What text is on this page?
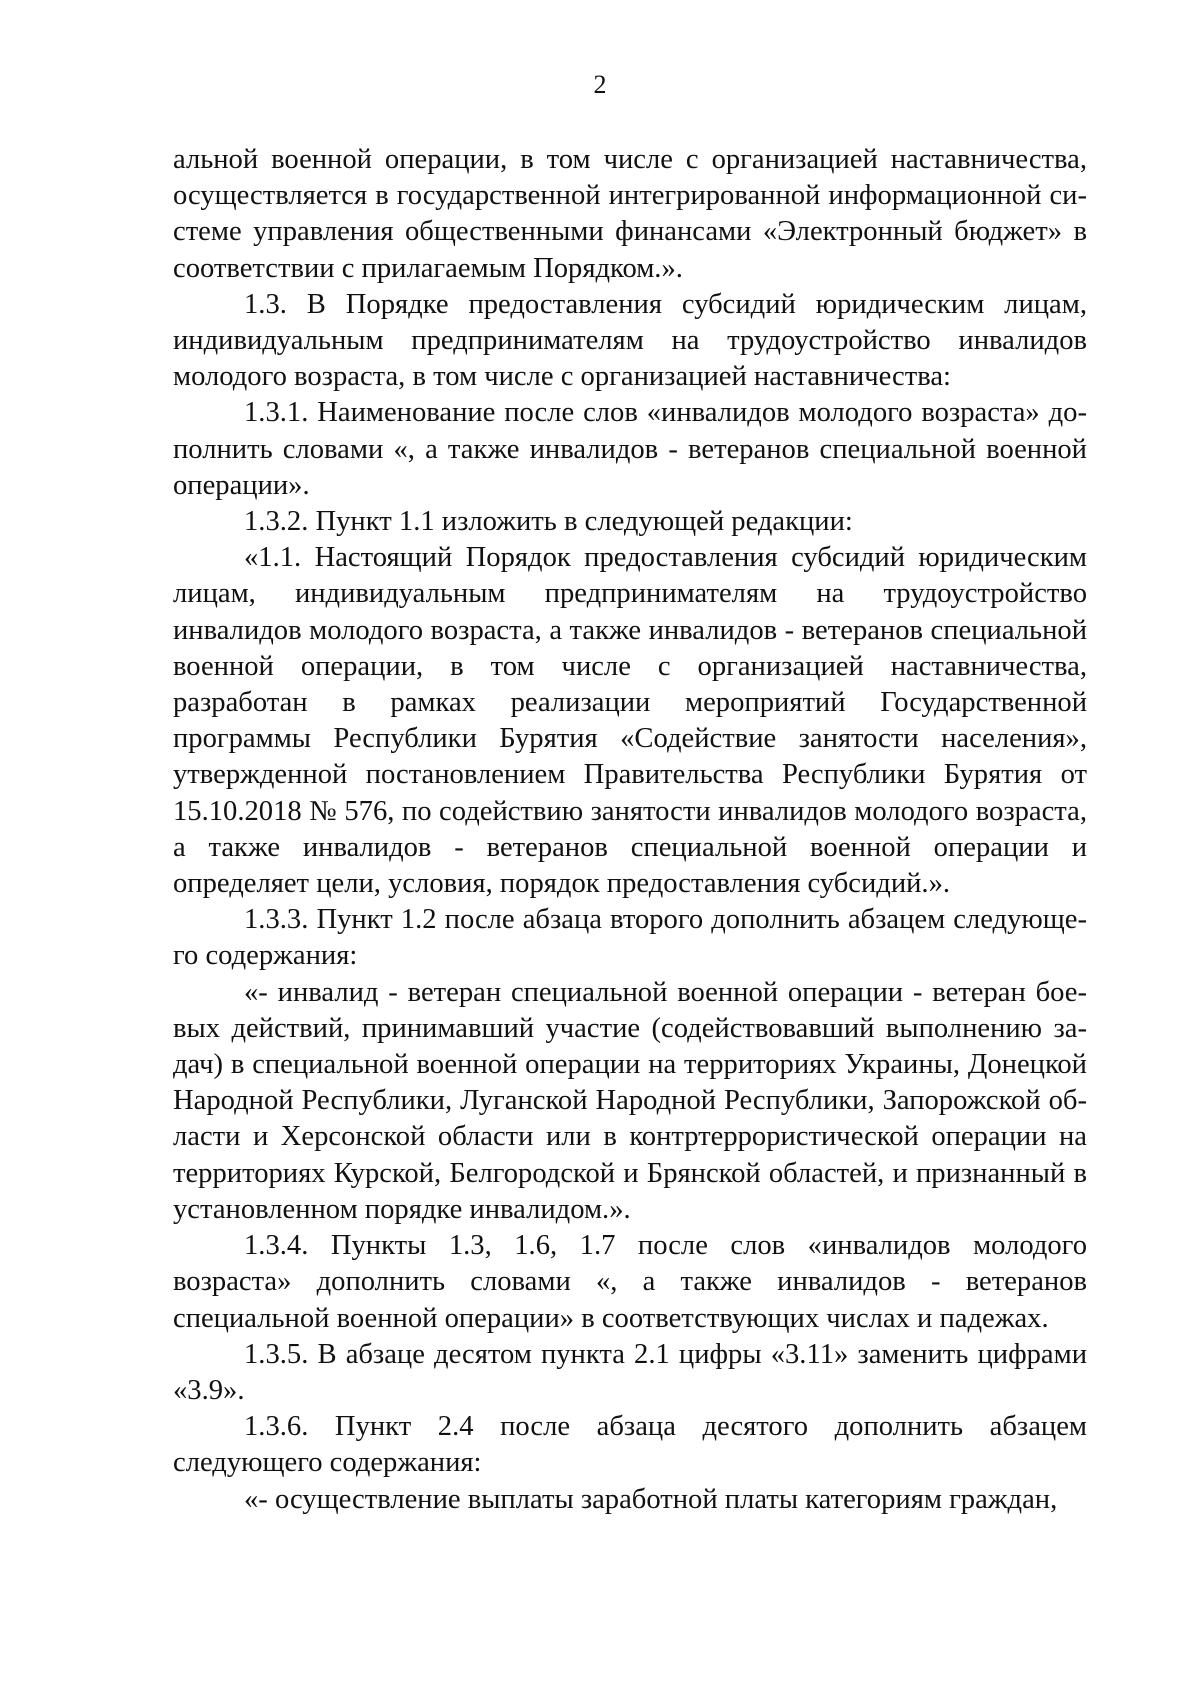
2

альной военной операции, в том числе с организацией наставничества, осуществляется в государственной интегрированной информационной системе управления общественными финансами «Электронный бюджет» в соответствии с прилагаемым Порядком.».

1.3. В Порядке предоставления субсидий юридическим лицам, индивидуальным предпринимателям на трудоустройство инвалидов молодого возраста, в том числе с организацией наставничества:

1.3.1. Наименование после слов «инвалидов молодого возраста» дополнить словами «, а также инвалидов - ветеранов специальной военной операции».

1.3.2. Пункт 1.1 изложить в следующей редакции:

«1.1. Настоящий Порядок предоставления субсидий юридическим лицам, индивидуальным предпринимателям на трудоустройство инвалидов молодого возраста, а также инвалидов - ветеранов специальной военной операции, в том числе с организацией наставничества, разработан в рамках реализации мероприятий Государственной программы Республики Бурятия «Содействие занятости населения», утвержденной постановлением Правительства Республики Бурятия от 15.10.2018 № 576, по содействию занятости инвалидов молодого возраста, а также инвалидов - ветеранов специальной военной операции и определяет цели, условия, порядок предоставления субсидий.».

1.3.3. Пункт 1.2 после абзаца второго дополнить абзацем следующего содержания:

«- инвалид - ветеран специальной военной операции - ветеран боевых действий, принимавший участие (содействовавший выполнению задач) в специальной военной операции на территориях Украины, Донецкой Народной Республики, Луганской Народной Республики, Запорожской области и Херсонской области или в контртеррористической операции на территориях Курской, Белгородской и Брянской областей, и признанный в установленном порядке инвалидом.».

1.3.4. Пункты 1.3, 1.6, 1.7 после слов «инвалидов молодого возраста» дополнить словами «, а также инвалидов - ветеранов специальной военной операции» в соответствующих числах и падежах.

1.3.5. В абзаце десятом пункта 2.1 цифры «3.11» заменить цифрами «3.9».

1.3.6. Пункт 2.4 после абзаца десятого дополнить абзацем следующего содержания:

«- осуществление выплаты заработной платы категориям граждан,
